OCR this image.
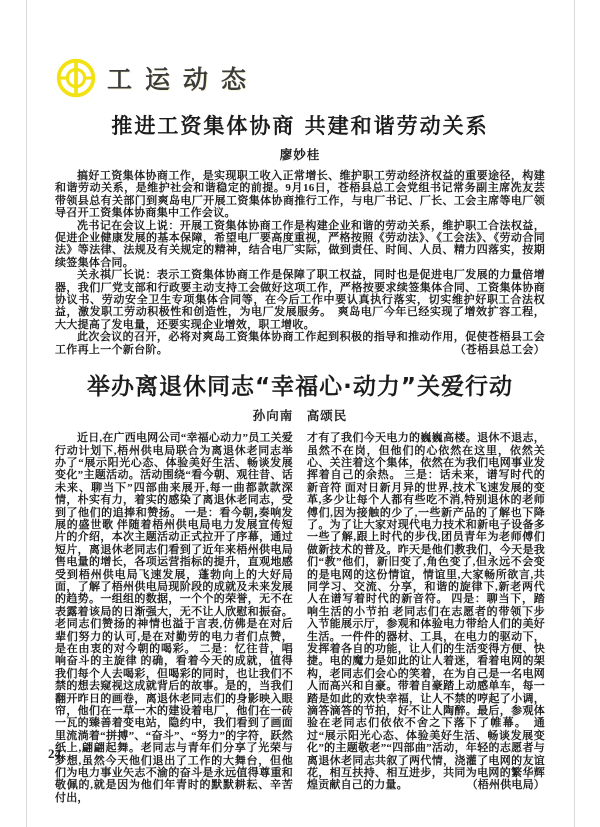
工运动态
推进工资集体协商 共建和谐劳动关系
廖妙桂

搞好工资集体协商工作，是实现职工收入正常增长、维护职工劳动经济权益的重要途径，构建和谐劳动关系，是维护社会和谐稳定的前提。9月16日，苍梧县总工会党组书记常务副主席冼友芸带领县总有关部门到爽岛电厂开展工资集体协商推行工作，与电厂书记、厂长、工会主席等电厂领导召开工资集体协商集中工作会议。

冼书记在会议上说：开展工资集体协商工作是构建企业和谐的劳动关系，维护职工合法权益，促进企业健康发展的基本保障，希望电厂要高度重视，严格按照《劳动法》、《工会法》、《劳动合同法》等法律、法规及有关规定的精神，结合电厂实际，做到责任、时间、人员、精力四落实，按期续签集体合同。

关永祺厂长说：表示工资集体协商工作是保障了职工权益，同时也是促进电厂发展的力量倍增器，我们厂党支部和行政要主动支持工会做好这项工作，严格按要求续签集体合同、工资集体协商协议书、劳动安全卫生专项集体合同等，在今后工作中要认真执行落实，切实维护好职工合法权益，激发职工劳动积极性和创造性，为电厂发展服务。　爽岛电厂今年已经实现了增效扩容工程，大大提高了发电量，还要实现企业增效，职工增收。

此次会议的召开，必将对爽岛工资集体协商工作起到积极的指导和推动作用，促使苍梧县工会工作再上一个新台阶。	（苍梧县总工会）

举办离退休同志“幸福心·动力”关爱行动
孙向南　高颂民

近日,在广西电网公司“幸福心动力”员工关爱行动计划下,梧州供电局联合为离退休老同志举办了“展示阳光心态、体验美好生活、畅谈发展变化”主题活动。活动围绕“看今朝、观往昔、话未来、聊当下”四部曲来展开,每一曲都款款深情，朴实有力，着实的感染了离退休老同志，受到了他们的追捧和赞扬。 一是：看今朝,奏响发展的盛世歌 伴随着梧州供电局电力发展宣传短片的介绍，本次主题活动正式拉开了序幕，通过短片，离退休老同志们看到了近年来梧州供电局售电量的增长，各项运营指标的提升，直观地感受到梧州供电局飞速发展，蓬勃向上的大好局面，了解了梧州供电局现阶段的成就及未来发展的趋势。一组组的数据，一个个的荣誉，无不在表露着该局的日渐强大，无不让人欣慰和振奋。老同志们赞扬的神情也溢于言表,仿佛是在对后辈们努力的认可,是在对勤劳的电力者们点赞，是在由衷的对今朝的喝彩。 二是：忆往昔，唱响奋斗的主旋律 的确，看着今天的成就，值得我们每个人去喝彩，但喝彩的同时，也让我们不禁的想去窥视这成就背后的故事。是的，当我们翻开昨日的画卷，离退休老同志们的身影映入眼帘，他们在一草一木的建设着电厂，他们在一砖一瓦的臻善着变电站，隐约中，我们看到了画面里流淌着“拼搏”、“奋斗”、“努力”的字符，跃然纸上,翩翩起舞。老同志与青年们分享了光荣与梦想,虽然今天他们退出了工作的大舞台，但他们为电力事业矢志不渝的奋斗是永远值得尊重和敬佩的,就是因为他们年青时的默默耕耘、辛苦付出，

才有了我们今天电力的巍巍高楼。退休不退志，虽然不在岗，但他们的心依然在这里，依然关心、关注着这个集体，依然在为我们电网事业发挥着自己的余热。 三是：话未来，谱写时代的新音符 面对日新月异的世界,技术飞速发展的变革,多少让每个人都有些吃不消,特别退休的老师傅们,因为接触的少了,一些新产品的了解也下降了。为了让大家对现代电力技术和新电子设备多一些了解,跟上时代的步伐,团员青年为老师傅们做新技术的普及。昨天是他们教我们，今天是我们“教”他们，新旧变了,角色变了,但永远不会变的是电网的这份情谊，情谊里,大家畅所欲言,共同学习、交流、分享，和谐的旋律下,新老两代人在谱写着时代的新音符。 四是：聊当下，踏响生活的小节拍 老同志们在志愿者的带领下步入节能展示厅，参观和体验电力带给人们的美好生活。一件件的器材、工具，在电力的驱动下，发挥着各自的功能，让人们的生活变得方便、快捷。电的魔力是如此的让人着迷，看着电网的架构，老同志们会心的笑着，在为自己是一名电网人而高兴和自豪。带着自豪踏上动感单车，每一踏是如此的欢快幸福，让人不禁的哼起了小调，滴答滴答的节拍，好不让人陶醉。最后，参观体验在老同志们依依不舍之下落下了帷幕。　通过“展示阳光心态、体验美好生活、畅谈发展变化”的主题敬老”“四部曲”活动，年轻的志愿者与离退休老同志共叙了两代情，浇灌了电网的友谊花，相互扶持、相互进步，共同为电网的繁华辉煌贡献自己的力量。	（梧州供电局）

24
